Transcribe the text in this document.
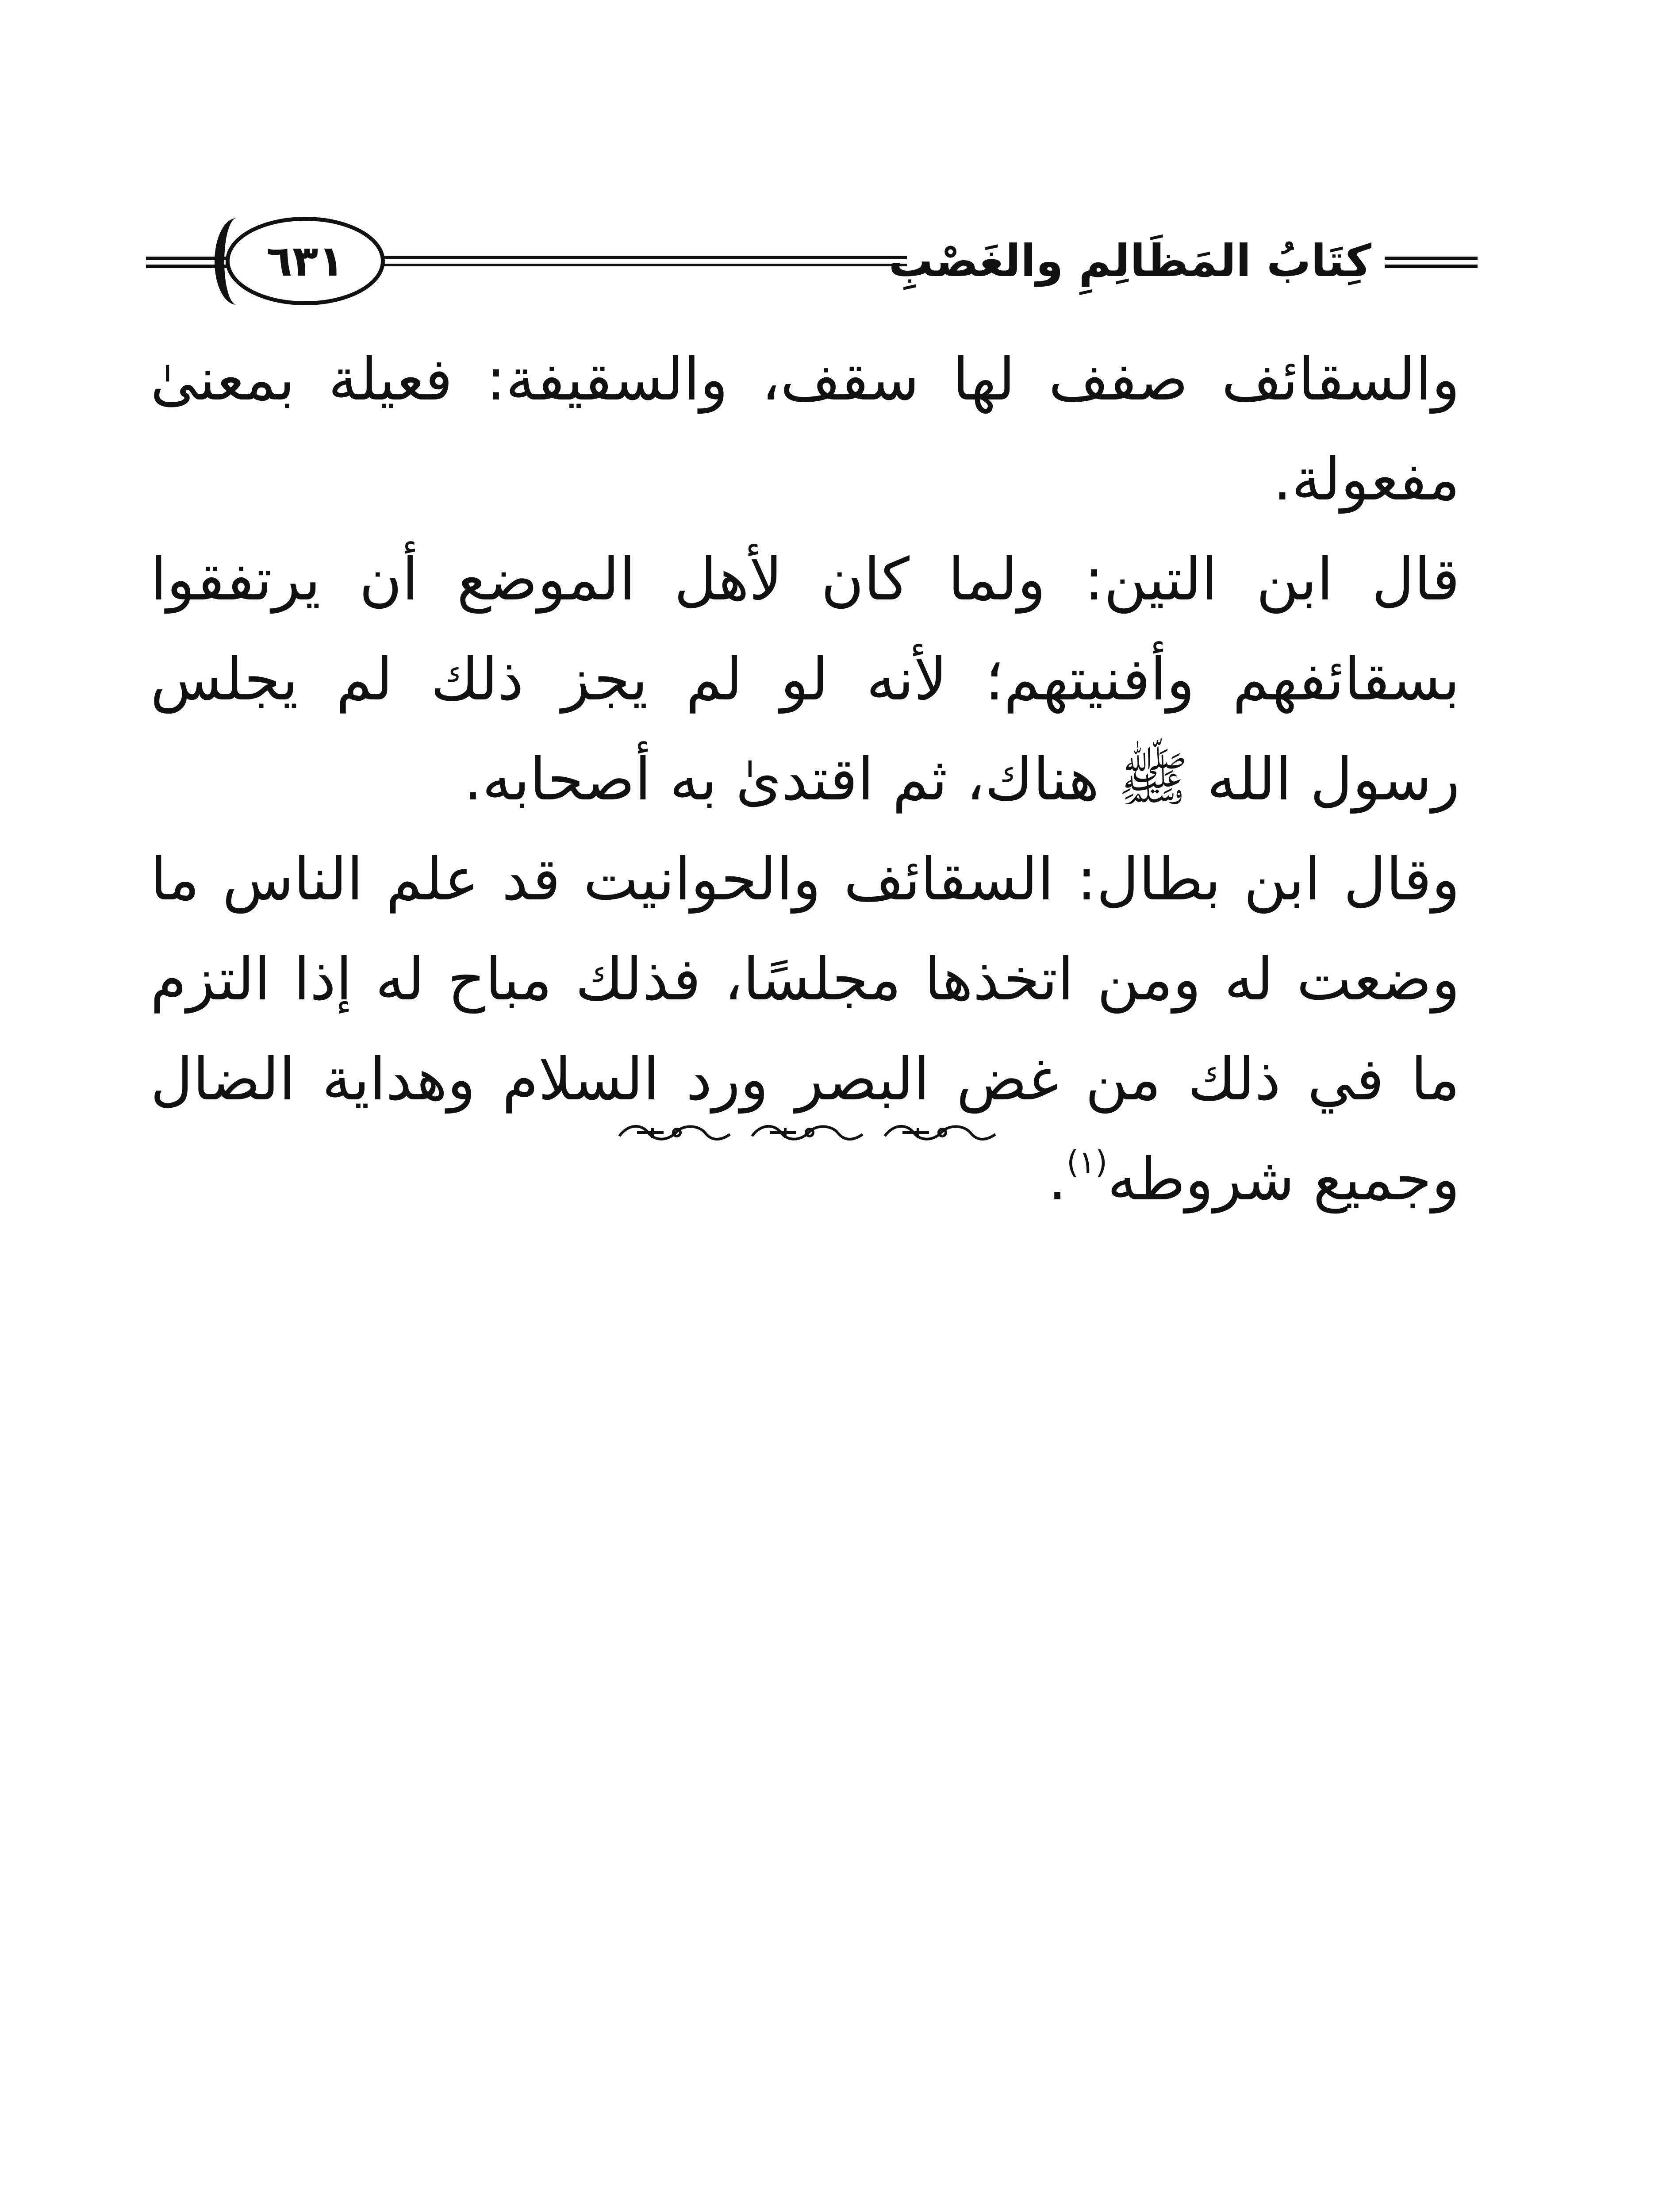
٦٣١	كِتَابُ المَظَالِمِ والغَصْبِ

والسقائف صفف لها سقف، والسقيفة: فعيلة بمعنىٰ مفعولة.

قال ابن التين: ولما كان لأهل الموضع أن يرتفقوا بسقائفهم وأفنيتهم؛ لأنه لو لم يجز ذلك لم يجلس رسول الله ﷺ هناك، ثم اقتدىٰ به أصحابه.

وقال ابن بطال: السقائف والحوانيت قد علم الناس ما وضعت له ومن اتخذها مجلسًا، فذلك مباح له إذا التزم ما في ذلك من غض البصر ورد السلام وهداية الضال وجميع شروطه$^{(١)}$.
